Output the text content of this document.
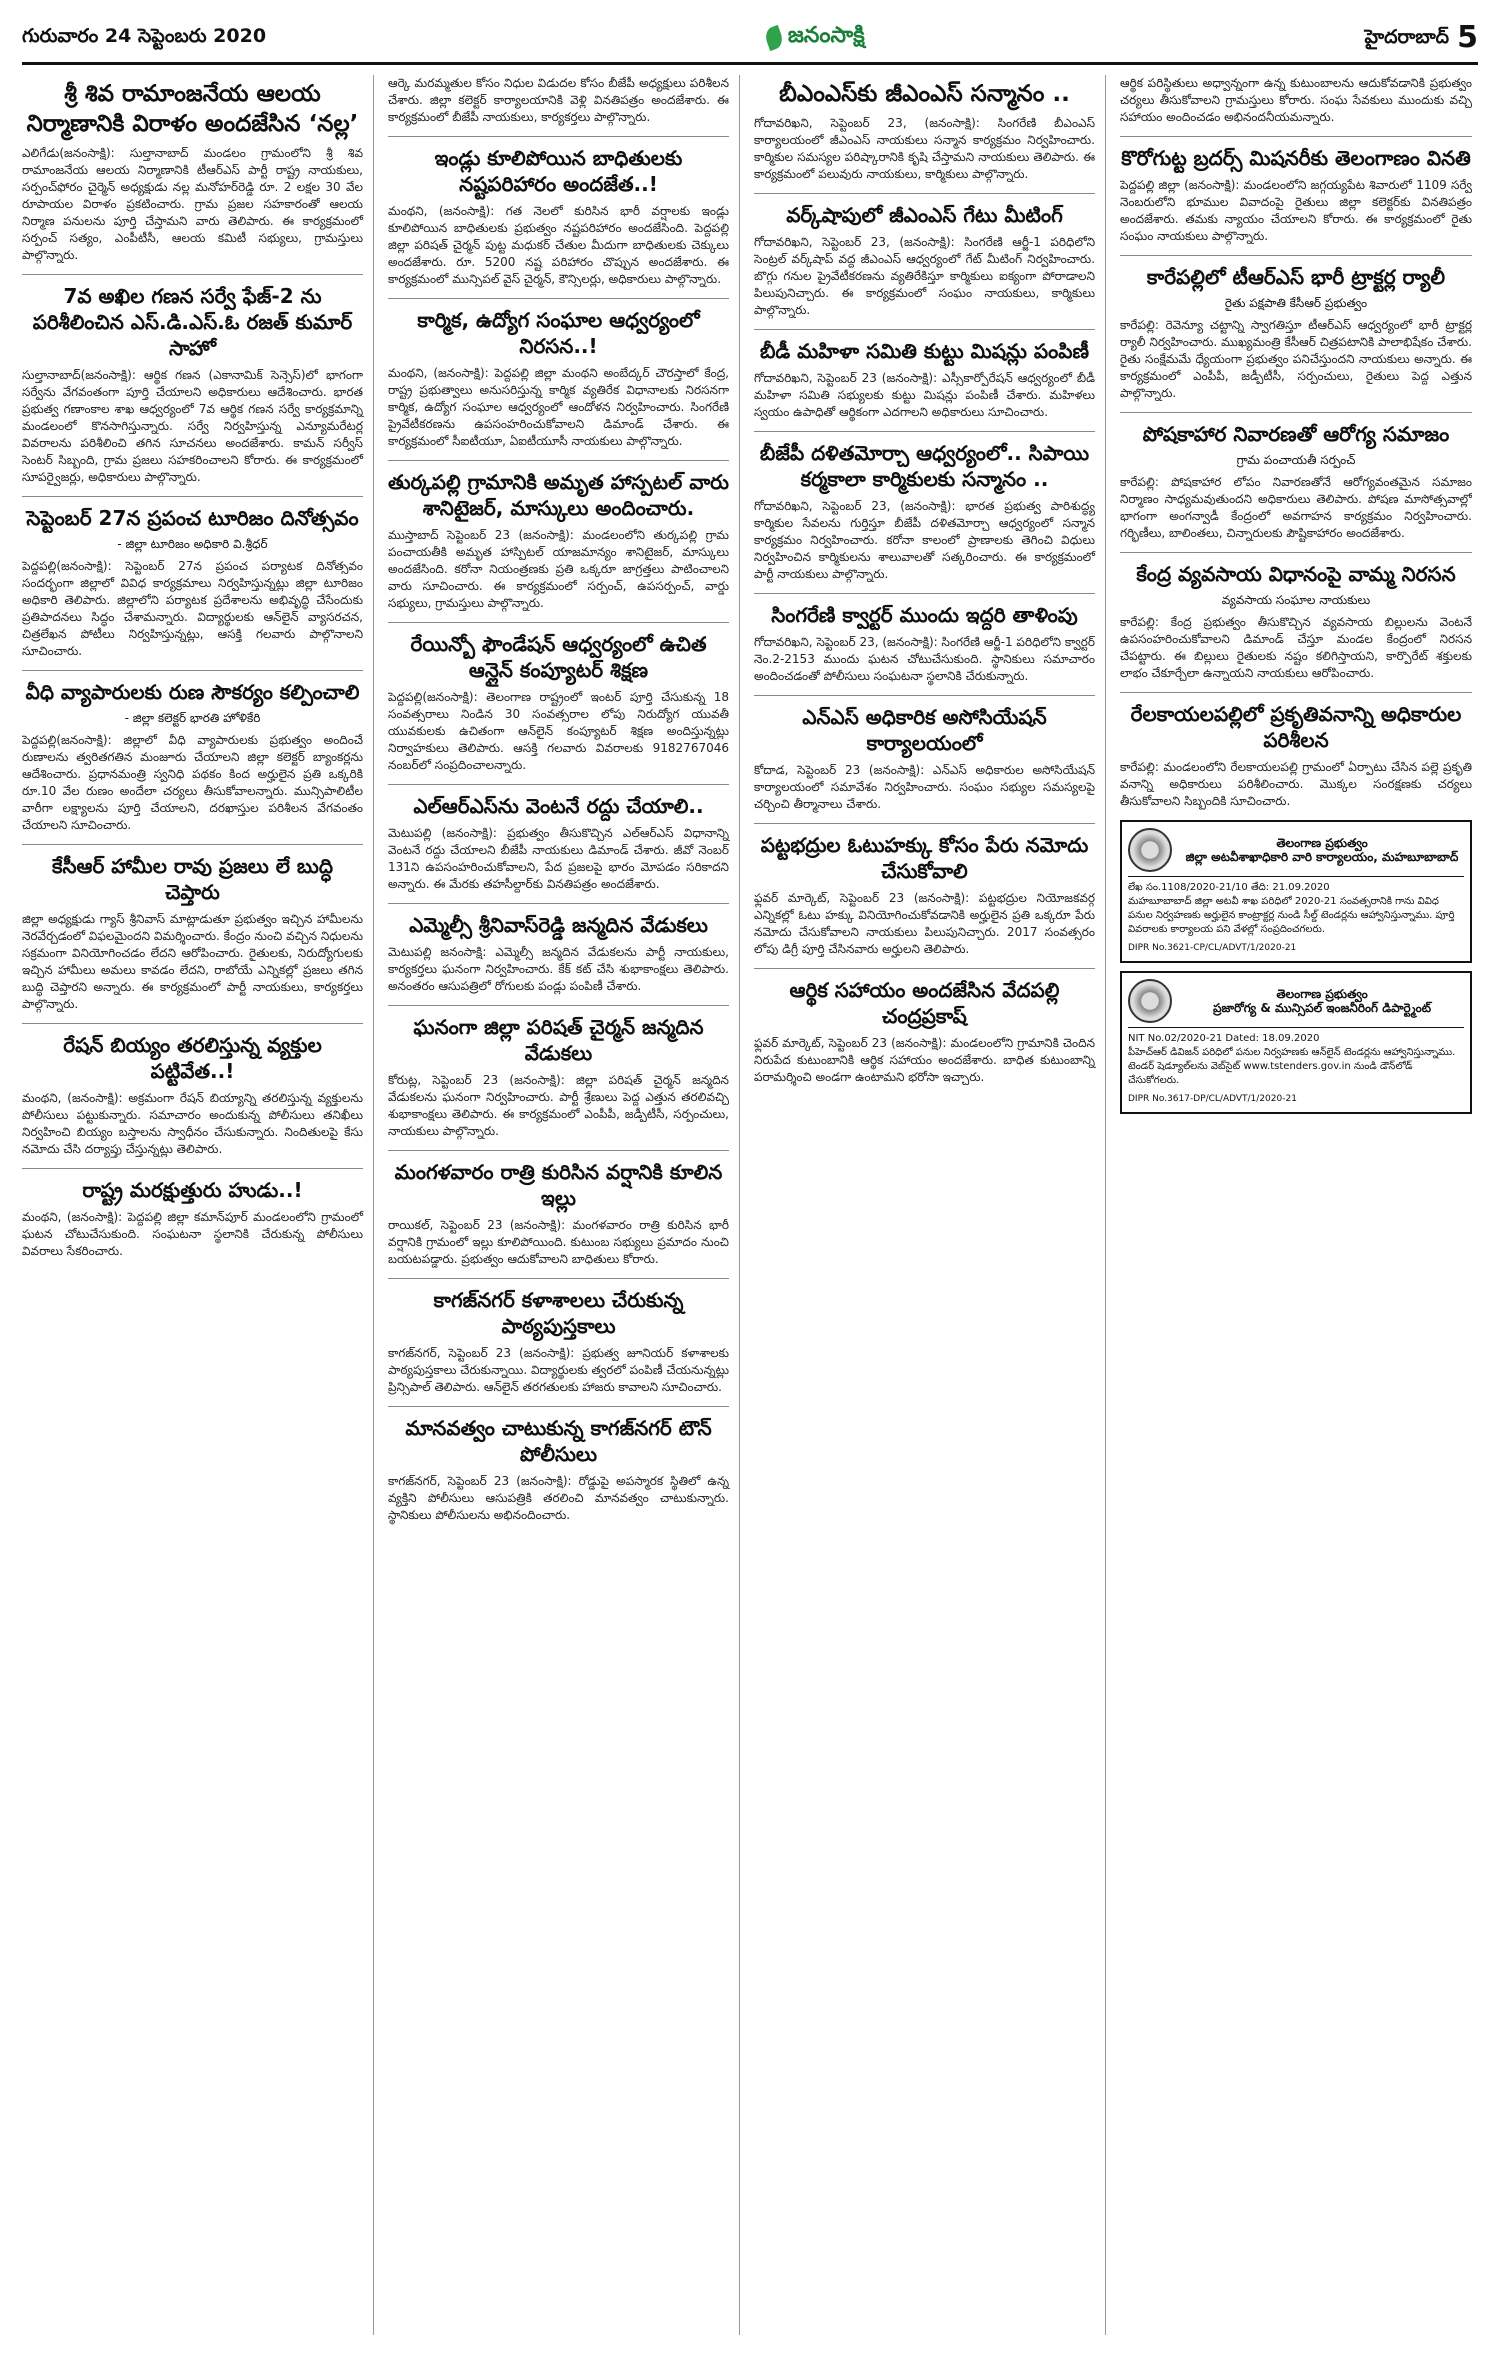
గురువారం 24 సెప్టెంబరు 2020	జనంసాక్షి	హైదరాబాద్ 5
శ్రీ శివ రామాంజనేయ ఆలయ నిర్మాణానికి విరాళం అందజేసిన ‘నల్ల’
ఎలిగేడు(జనంసాక్షి): సుల్తానాబాద్ మండలం గ్రామంలోని శ్రీ శివ రామాంజనేయ ఆలయ నిర్మాణానికి టీఆర్ఎస్ పార్టీ రాష్ట్ర నాయకులు, సర్పంచ్‌ఫోరం చైర్మెన్ అధ్యక్షుడు నల్ల మనోహర్‌రెడ్డి రూ. 2 లక్షల 30 వేల రూపాయల విరాళం ప్రకటించారు. గ్రామ ప్రజల సహకారంతో ఆలయ నిర్మాణ పనులను పూర్తి చేస్తామని వారు తెలిపారు. ఈ కార్యక్రమంలో సర్పంచ్ సత్యం, ఎంపీటీసీ, ఆలయ కమిటీ సభ్యులు, గ్రామస్తులు పాల్గొన్నారు.
7వ అఖిల గణన సర్వే ఫేజ్-2 ను పరిశీలించిన ఎస్.డి.ఎస్.ఓ రజత్ కుమార్ సాహో
సుల్తానాబాద్(జనంసాక్షి): ఆర్థిక గణన (ఎకానామిక్ సెన్సెస్‌)లో భాగంగా సర్వేను వేగవంతంగా పూర్తి చేయాలని అధికారులు ఆదేశించారు. భారత ప్రభుత్వ గణాంకాల శాఖ ఆధ్వర్యంలో 7వ ఆర్థిక గణన సర్వే కార్యక్రమాన్ని మండలంలో కొనసాగిస్తున్నారు. సర్వే నిర్వహిస్తున్న ఎన్యూమరేటర్ల వివరాలను పరిశీలించి తగిన సూచనలు అందజేశారు. కామన్ సర్వీస్ సెంటర్ సిబ్బంది, గ్రామ ప్రజలు సహకరించాలని కోరారు. ఈ కార్యక్రమంలో సూపర్వైజర్లు, అధికారులు పాల్గొన్నారు.
సెప్టెంబర్ 27న ప్రపంచ టూరిజం దినోత్సవం
- జిల్లా టూరిజం అధికారి వి.శ్రీధర్
పెద్దపల్లి(జనంసాక్షి): సెప్టెంబర్ 27న ప్రపంచ పర్యాటక దినోత్సవం సందర్భంగా జిల్లాలో వివిధ కార్యక్రమాలు నిర్వహిస్తున్నట్లు జిల్లా టూరిజం అధికారి తెలిపారు. జిల్లాలోని పర్యాటక ప్రదేశాలను అభివృద్ధి చేసేందుకు ప్రతిపాదనలు సిద్ధం చేశామన్నారు. విద్యార్థులకు ఆన్‌లైన్ వ్యాసరచన, చిత్రలేఖన పోటీలు నిర్వహిస్తున్నట్లు, ఆసక్తి గలవారు పాల్గొనాలని సూచించారు.
వీధి వ్యాపారులకు రుణ సౌకర్యం కల్పించాలి
- జిల్లా కలెక్టర్ భారతి హోళికేరి
పెద్దపల్లి(జనంసాక్షి): జిల్లాలో వీధి వ్యాపారులకు ప్రభుత్వం అందించే రుణాలను త్వరితగతిన మంజూరు చేయాలని జిల్లా కలెక్టర్ బ్యాంకర్లను ఆదేశించారు. ప్రధానమంత్రి స్వనిధి పథకం కింద అర్హులైన ప్రతి ఒక్కరికి రూ.10 వేల రుణం అందేలా చర్యలు తీసుకోవాలన్నారు. మున్సిపాలిటీల వారీగా లక్ష్యాలను పూర్తి చేయాలని, దరఖాస్తుల పరిశీలన వేగవంతం చేయాలని సూచించారు.
కేసీఆర్ హామీల రావు ప్రజలు లే బుద్ధి చెప్తారు
జిల్లా అధ్యక్షుడు గ్యాస్ శ్రీనివాస్ మాట్లాడుతూ ప్రభుత్వం ఇచ్చిన హామీలను నెరవేర్చడంలో విఫలమైందని విమర్శించారు. కేంద్రం నుంచి వచ్చిన నిధులను సక్రమంగా వినియోగించడం లేదని ఆరోపించారు. రైతులకు, నిరుద్యోగులకు ఇచ్చిన హామీలు అమలు కావడం లేదని, రాబోయే ఎన్నికల్లో ప్రజలు తగిన బుద్ధి చెప్తారని అన్నారు. ఈ కార్యక్రమంలో పార్టీ నాయకులు, కార్యకర్తలు పాల్గొన్నారు.
రేషన్ బియ్యం తరలిస్తున్న వ్యక్తుల పట్టివేత..!
మంథని, (జనంసాక్షి): అక్రమంగా రేషన్ బియ్యాన్ని తరలిస్తున్న వ్యక్తులను పోలీసులు పట్టుకున్నారు. సమాచారం అందుకున్న పోలీసులు తనిఖీలు నిర్వహించి బియ్యం బస్తాలను స్వాధీనం చేసుకున్నారు. నిందితులపై కేసు నమోదు చేసి దర్యాప్తు చేస్తున్నట్లు తెలిపారు.
రాష్ట్ర మరక్షుత్తురు హుడు..!
మంథని, (జనంసాక్షి): పెద్దపల్లి జిల్లా కమాన్‌పూర్ మండలంలోని గ్రామంలో ఘటన చోటుచేసుకుంది. సంఘటనా స్థలానికి చేరుకున్న పోలీసులు వివరాలు సేకరించారు.
ఆర్కె మరమ్మతుల కోసం నిధుల విడుదల కోసం బీజేపీ అధ్యక్షులు పరిశీలన చేశారు. జిల్లా కలెక్టర్ కార్యాలయానికి వెళ్లి వినతిపత్రం అందజేశారు. ఈ కార్యక్రమంలో బీజేపీ నాయకులు, కార్యకర్తలు పాల్గొన్నారు.
ఇండ్లు కూలిపోయిన బాధితులకు నష్టపరిహారం అందజేత..!
మంథని, (జనంసాక్షి): గత నెలలో కురిసిన భారీ వర్షాలకు ఇండ్లు కూలిపోయిన బాధితులకు ప్రభుత్వం నష్టపరిహారం అందజేసింది. పెద్దపల్లి జిల్లా పరిషత్ చైర్మన్ పుట్ట మధుకర్ చేతుల మీదుగా బాధితులకు చెక్కులు అందజేశారు. రూ. 5200 నష్ట పరిహారం చొప్పున అందజేశారు. ఈ కార్యక్రమంలో మున్సిపల్ వైస్ చైర్మన్, కౌన్సిలర్లు, అధికారులు పాల్గొన్నారు.
కార్మిక, ఉద్యోగ సంఘాల ఆధ్వర్యంలో నిరసన..!
మంథని, (జనంసాక్షి): పెద్దపల్లి జిల్లా మంథని అంబేద్కర్ చౌరస్తాలో కేంద్ర, రాష్ట్ర ప్రభుత్వాలు అనుసరిస్తున్న కార్మిక వ్యతిరేక విధానాలకు నిరసనగా కార్మిక, ఉద్యోగ సంఘాల ఆధ్వర్యంలో ఆందోళన నిర్వహించారు. సింగరేణి ప్రైవేటీకరణను ఉపసంహరించుకోవాలని డిమాండ్ చేశారు. ఈ కార్యక్రమంలో సీఐటీయూ, ఏఐటీయూసీ నాయకులు పాల్గొన్నారు.
తుర్కపల్లి గ్రామానికి అమృత హాస్పటల్ వారు శానిటైజర్, మాస్కులు అందించారు.
ముస్తాబాద్ సెప్టెంబర్ 23 (జనంసాక్షి): మండలంలోని తుర్కపల్లి గ్రామ పంచాయతీకి అమృత హాస్పిటల్ యాజమాన్యం శానిటైజర్, మాస్కులు అందజేసింది. కరోనా నియంత్రణకు ప్రతి ఒక్కరూ జాగ్రత్తలు పాటించాలని వారు సూచించారు. ఈ కార్యక్రమంలో సర్పంచ్, ఉపసర్పంచ్, వార్డు సభ్యులు, గ్రామస్తులు పాల్గొన్నారు.
రేయిన్బో ఫౌండేషన్ ఆధ్వర్యంలో ఉచిత ఆన్లైన్ కంప్యూటర్ శిక్షణ
పెద్దపల్లి(జనంసాక్షి): తెలంగాణ రాష్ట్రంలో ఇంటర్ పూర్తి చేసుకున్న 18 సంవత్సరాలు నిండిన 30 సంవత్సరాల లోపు నిరుద్యోగ యువతీ యువకులకు ఉచితంగా ఆన్‌లైన్ కంప్యూటర్ శిక్షణ అందిస్తున్నట్లు నిర్వాహకులు తెలిపారు. ఆసక్తి గలవారు వివరాలకు 9182767046 నంబర్‌లో సంప్రదించాలన్నారు.
ఎల్ఆర్ఎస్‌ను వెంటనే రద్దు చేయాలి..
మెటుపల్లి (జనంసాక్షి): ప్రభుత్వం తీసుకొచ్చిన ఎల్ఆర్ఎస్ విధానాన్ని వెంటనే రద్దు చేయాలని బీజేపీ నాయకులు డిమాండ్ చేశారు. జీవో నెంబర్ 131ని ఉపసంహరించుకోవాలని, పేద ప్రజలపై భారం మోపడం సరికాదని అన్నారు. ఈ మేరకు తహసీల్దార్‌కు వినతిపత్రం అందజేశారు.
ఎమ్మెల్సీ శ్రీనివాస్‌రెడ్డి జన్మదిన వేడుకలు
మెటుపల్లి జనంసాక్షి: ఎమ్మెల్సీ జన్మదిన వేడుకలను పార్టీ నాయకులు, కార్యకర్తలు ఘనంగా నిర్వహించారు. కేక్ కట్ చేసి శుభాకాంక్షలు తెలిపారు. అనంతరం ఆసుపత్రిలో రోగులకు పండ్లు పంపిణీ చేశారు.
ఘనంగా జిల్లా పరిషత్ చైర్మన్ జన్మదిన వేడుకలు
కోరుట్ల, సెప్టెంబర్ 23 (జనంసాక్షి): జిల్లా పరిషత్ చైర్మన్ జన్మదిన వేడుకలను ఘనంగా నిర్వహించారు. పార్టీ శ్రేణులు పెద్ద ఎత్తున తరలివచ్చి శుభాకాంక్షలు తెలిపారు. ఈ కార్యక్రమంలో ఎంపీపీ, జడ్పీటీసీ, సర్పంచులు, నాయకులు పాల్గొన్నారు.
మంగళవారం రాత్రి కురిసిన వర్షానికి కూలిన ఇల్లు
రాయికల్, సెప్టెంబర్ 23 (జనంసాక్షి): మంగళవారం రాత్రి కురిసిన భారీ వర్షానికి గ్రామంలో ఇల్లు కూలిపోయింది. కుటుంబ సభ్యులు ప్రమాదం నుంచి బయటపడ్డారు. ప్రభుత్వం ఆదుకోవాలని బాధితులు కోరారు.
కాగజ్‌నగర్ కళాశాలలు చేరుకున్న పాఠ్యపుస్తకాలు
కాగజ్‌నగర్, సెప్టెంబర్ 23 (జనంసాక్షి): ప్రభుత్వ జూనియర్ కళాశాలకు పాఠ్యపుస్తకాలు చేరుకున్నాయి. విద్యార్థులకు త్వరలో పంపిణీ చేయనున్నట్లు ప్రిన్సిపాల్ తెలిపారు. ఆన్‌లైన్ తరగతులకు హాజరు కావాలని సూచించారు.
మానవత్వం చాటుకున్న కాగజ్‌నగర్ టౌన్ పోలీసులు
కాగజ్‌నగర్, సెప్టెంబర్ 23 (జనంసాక్షి): రోడ్డుపై అపస్మారక స్థితిలో ఉన్న వ్యక్తిని పోలీసులు ఆసుపత్రికి తరలించి మానవత్వం చాటుకున్నారు. స్థానికులు పోలీసులను అభినందించారు.
బీఎంఎస్‌కు జీఎంఎస్ సన్మానం ..
గోదావరిఖని, సెప్టెంబర్ 23, (జనంసాక్షి): సింగరేణి బీఎంఎస్ కార్యాలయంలో జీఎంఎస్ నాయకులు సన్మాన కార్యక్రమం నిర్వహించారు. కార్మికుల సమస్యల పరిష్కారానికి కృషి చేస్తామని నాయకులు తెలిపారు. ఈ కార్యక్రమంలో పలువురు నాయకులు, కార్మికులు పాల్గొన్నారు.
వర్క్‌షాపులో జీఎంఎస్ గేటు మీటింగ్
గోదావరిఖని, సెప్టెంబర్ 23, (జనంసాక్షి): సింగరేణి ఆర్జీ-1 పరిధిలోని సెంట్రల్ వర్క్‌షాప్ వద్ద జీఎంఎస్ ఆధ్వర్యంలో గేట్ మీటింగ్ నిర్వహించారు. బొగ్గు గనుల ప్రైవేటీకరణను వ్యతిరేకిస్తూ కార్మికులు ఐక్యంగా పోరాడాలని పిలుపునిచ్చారు. ఈ కార్యక్రమంలో సంఘం నాయకులు, కార్మికులు పాల్గొన్నారు.
బీడీ మహిళా సమితి కుట్టు మిషన్లు పంపిణీ
గోదావరిఖని, సెప్టెంబర్ 23 (జనంసాక్షి): ఎస్సీకార్పోరేషన్ ఆధ్వర్యంలో బీడీ మహిళా సమితి సభ్యులకు కుట్టు మిషన్లు పంపిణీ చేశారు. మహిళలు స్వయం ఉపాధితో ఆర్థికంగా ఎదగాలని అధికారులు సూచించారు.
బీజేపీ దళితమోర్చా ఆధ్వర్యంలో.. సిపాయి కర్మకాలా కార్మికులకు సన్మానం ..
గోదావరిఖని, సెప్టెంబర్ 23, (జనంసాక్షి): భారత ప్రభుత్వ పారిశుద్ధ్య కార్మికుల సేవలను గుర్తిస్తూ బీజేపీ దళితమోర్చా ఆధ్వర్యంలో సన్మాన కార్యక్రమం నిర్వహించారు. కరోనా కాలంలో ప్రాణాలకు తెగించి విధులు నిర్వహించిన కార్మికులను శాలువాలతో సత్కరించారు. ఈ కార్యక్రమంలో పార్టీ నాయకులు పాల్గొన్నారు.
సింగరేణి క్వార్టర్ ముందు ఇద్దరి తాళింపు
గోదావరిఖని, సెప్టెంబర్ 23, (జనంసాక్షి): సింగరేణి ఆర్జీ-1 పరిధిలోని క్వార్టర్ నెం.2-2153 ముందు ఘటన చోటుచేసుకుంది. స్థానికులు సమాచారం అందించడంతో పోలీసులు సంఘటనా స్థలానికి చేరుకున్నారు.
ఎన్ఎస్ అధికారిక అసోసియేషన్ కార్యాలయంలో
కోదాడ, సెప్టెంబర్ 23 (జనంసాక్షి): ఎన్ఎస్ అధికారుల అసోసియేషన్ కార్యాలయంలో సమావేశం నిర్వహించారు. సంఘం సభ్యుల సమస్యలపై చర్చించి తీర్మానాలు చేశారు.
పట్టభద్రుల ఓటుహక్కు కోసం పేరు నమోదు చేసుకోవాలి
ఫ్లవర్ మార్కెట్, సెప్టెంబర్ 23 (జనంసాక్షి): పట్టభద్రుల నియోజకవర్గ ఎన్నికల్లో ఓటు హక్కు వినియోగించుకోవడానికి అర్హులైన ప్రతి ఒక్కరూ పేరు నమోదు చేసుకోవాలని నాయకులు పిలుపునిచ్చారు. 2017 సంవత్సరం లోపు డిగ్రీ పూర్తి చేసినవారు అర్హులని తెలిపారు.
ఆర్థిక సహాయం అందజేసిన వేదపల్లి చంద్రప్రకాష్
ఫ్లవర్ మార్కెట్, సెప్టెంబర్ 23 (జనంసాక్షి): మండలంలోని గ్రామానికి చెందిన నిరుపేద కుటుంబానికి ఆర్థిక సహాయం అందజేశారు. బాధిత కుటుంబాన్ని పరామర్శించి అండగా ఉంటామని భరోసా ఇచ్చారు.
ఆర్థిక పరిస్థితులు అధ్వాన్నంగా ఉన్న కుటుంబాలను ఆదుకోవడానికి ప్రభుత్వం చర్యలు తీసుకోవాలని గ్రామస్తులు కోరారు. సంఘ సేవకులు ముందుకు వచ్చి సహాయం అందించడం అభినందనీయమన్నారు.
కొరోగుట్ట బ్రదర్స్ మిషనరీకు తెలంగాణం వినతి
పెద్దపల్లి జిల్లా (జనంసాక్షి): మండలంలోని జగ్గయ్యపేట శివారులో 1109 సర్వే నెంబరులోని భూముల వివాదంపై రైతులు జిల్లా కలెక్టర్‌కు వినతిపత్రం అందజేశారు. తమకు న్యాయం చేయాలని కోరారు. ఈ కార్యక్రమంలో రైతు సంఘం నాయకులు పాల్గొన్నారు.
కారేపల్లిలో టీఆర్ఎస్ భారీ ట్రాక్టర్ల ర్యాలీ
రైతు పక్షపాతి కేసీఆర్ ప్రభుత్వం
కారేపల్లి: రెవెన్యూ చట్టాన్ని స్వాగతిస్తూ టీఆర్ఎస్ ఆధ్వర్యంలో భారీ ట్రాక్టర్ల ర్యాలీ నిర్వహించారు. ముఖ్యమంత్రి కేసీఆర్ చిత్రపటానికి పాలాభిషేకం చేశారు. రైతు సంక్షేమమే ధ్యేయంగా ప్రభుత్వం పనిచేస్తుందని నాయకులు అన్నారు. ఈ కార్యక్రమంలో ఎంపీపీ, జడ్పీటీసీ, సర్పంచులు, రైతులు పెద్ద ఎత్తున పాల్గొన్నారు.
పోషకాహార నివారణతో ఆరోగ్య సమాజం
గ్రామ పంచాయతీ సర్పంచ్
కారేపల్లి: పోషకాహార లోపం నివారణతోనే ఆరోగ్యవంతమైన సమాజం నిర్మాణం సాధ్యమవుతుందని అధికారులు తెలిపారు. పోషణ మాసోత్సవాల్లో భాగంగా అంగన్వాడీ కేంద్రంలో అవగాహన కార్యక్రమం నిర్వహించారు. గర్భిణీలు, బాలింతలు, చిన్నారులకు పౌష్టికాహారం అందజేశారు.
కేంద్ర వ్యవసాయ విధానంపై వామ్మ నిరసన
వ్యవసాయ సంఘాల నాయకులు
కారేపల్లి: కేంద్ర ప్రభుత్వం తీసుకొచ్చిన వ్యవసాయ బిల్లులను వెంటనే ఉపసంహరించుకోవాలని డిమాండ్ చేస్తూ మండల కేంద్రంలో నిరసన చేపట్టారు. ఈ బిల్లులు రైతులకు నష్టం కలిగిస్తాయని, కార్పొరేట్ శక్తులకు లాభం చేకూర్చేలా ఉన్నాయని నాయకులు ఆరోపించారు.
రేలకాయలపల్లిలో ప్రకృతివనాన్ని అధికారుల పరిశీలన
కారేపల్లి: మండలంలోని రేలకాయలపల్లి గ్రామంలో ఏర్పాటు చేసిన పల్లె ప్రకృతి వనాన్ని అధికారులు పరిశీలించారు. మొక్కల సంరక్షణకు చర్యలు తీసుకోవాలని సిబ్బందికి సూచించారు.
తెలంగాణ ప్రభుత్వం
జిల్లా అటవీశాఖాధికారి వారి కార్యాలయం, మహబూబాబాద్
లేఖ సం.1108/2020-21/10 తేది: 21.09.2020
మహబూబాబాద్ జిల్లా అటవీ శాఖ పరిధిలో 2020-21 సంవత్సరానికి గాను వివిధ పనుల నిర్వహణకు అర్హులైన కాంట్రాక్టర్ల నుండి సీల్డ్ టెండర్లను ఆహ్వానిస్తున్నాము. పూర్తి వివరాలకు కార్యాలయ పని వేళల్లో సంప్రదించగలరు.
DIPR No.3621-CP/CL/ADVT/1/2020-21
తెలంగాణ ప్రభుత్వం
ప్రజారోగ్య & మున్సిపల్ ఇంజనీరింగ్ డిపార్ట్మెంట్
NIT No.02/2020-21 Dated: 18.09.2020
పీహెచ్ఆర్ డివిజన్ పరిధిలో పనుల నిర్వహణకు ఆన్‌లైన్ టెండర్లను ఆహ్వానిస్తున్నాము. టెండర్ షెడ్యూల్‌లను వెబ్‌సైట్ www.tstenders.gov.in నుండి డౌన్‌లోడ్ చేసుకోగలరు.
DIPR No.3617-DP/CL/ADVT/1/2020-21
